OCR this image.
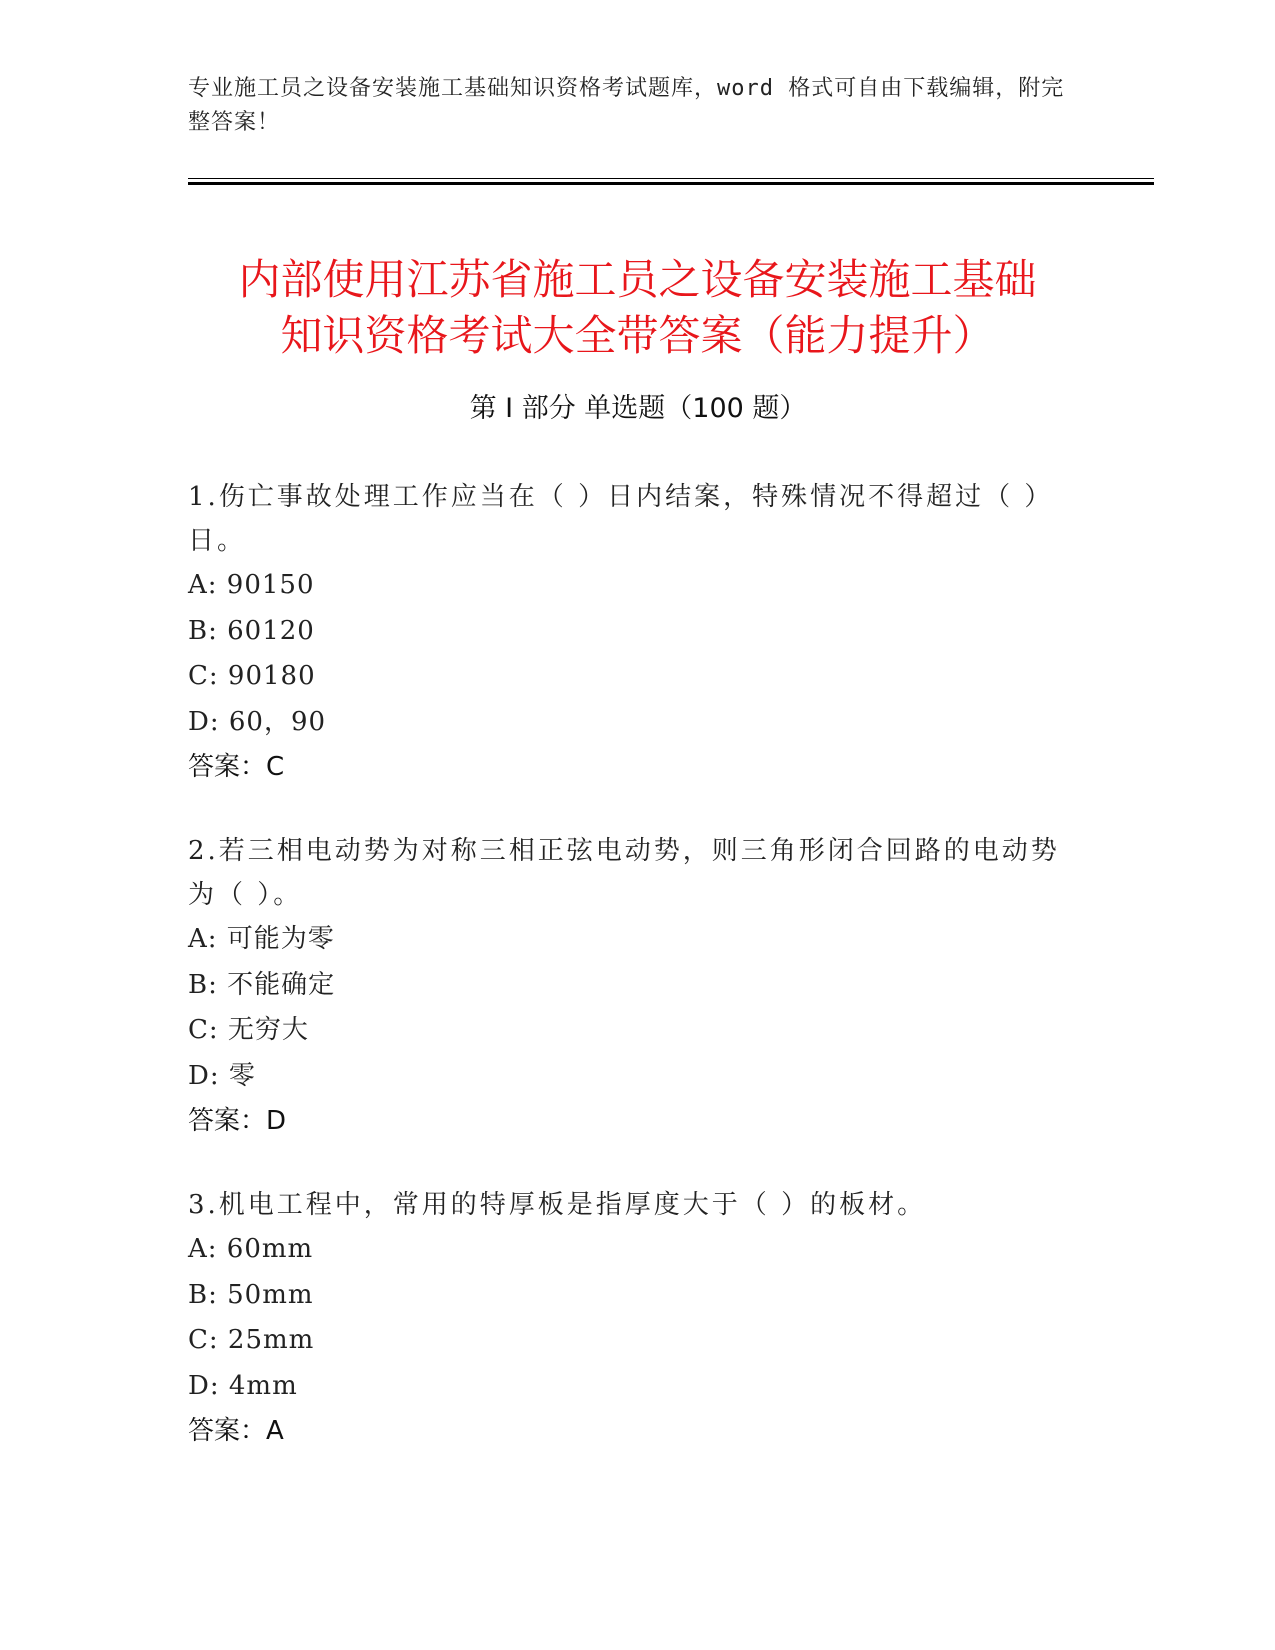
专业施工员之设备安装施工基础知识资格考试题库，word 格式可自由下载编辑，附完整答案！
内部使用江苏省施工员之设备安装施工基础
知识资格考试大全带答案（能力提升）
第 I 部分 单选题（100 题）
1.伤亡事故处理工作应当在（ ）日内结案，特殊情况不得超过（ ）日。
A: 90150
B: 60120
C: 90180
D: 60，90
答案：C
2.若三相电动势为对称三相正弦电动势，则三角形闭合回路的电动势为（ ）。
A: 可能为零
B: 不能确定
C: 无穷大
D: 零
答案：D
3.机电工程中，常用的特厚板是指厚度大于（ ）的板材。
A: 60mm
B: 50mm
C: 25mm
D: 4mm
答案：A
